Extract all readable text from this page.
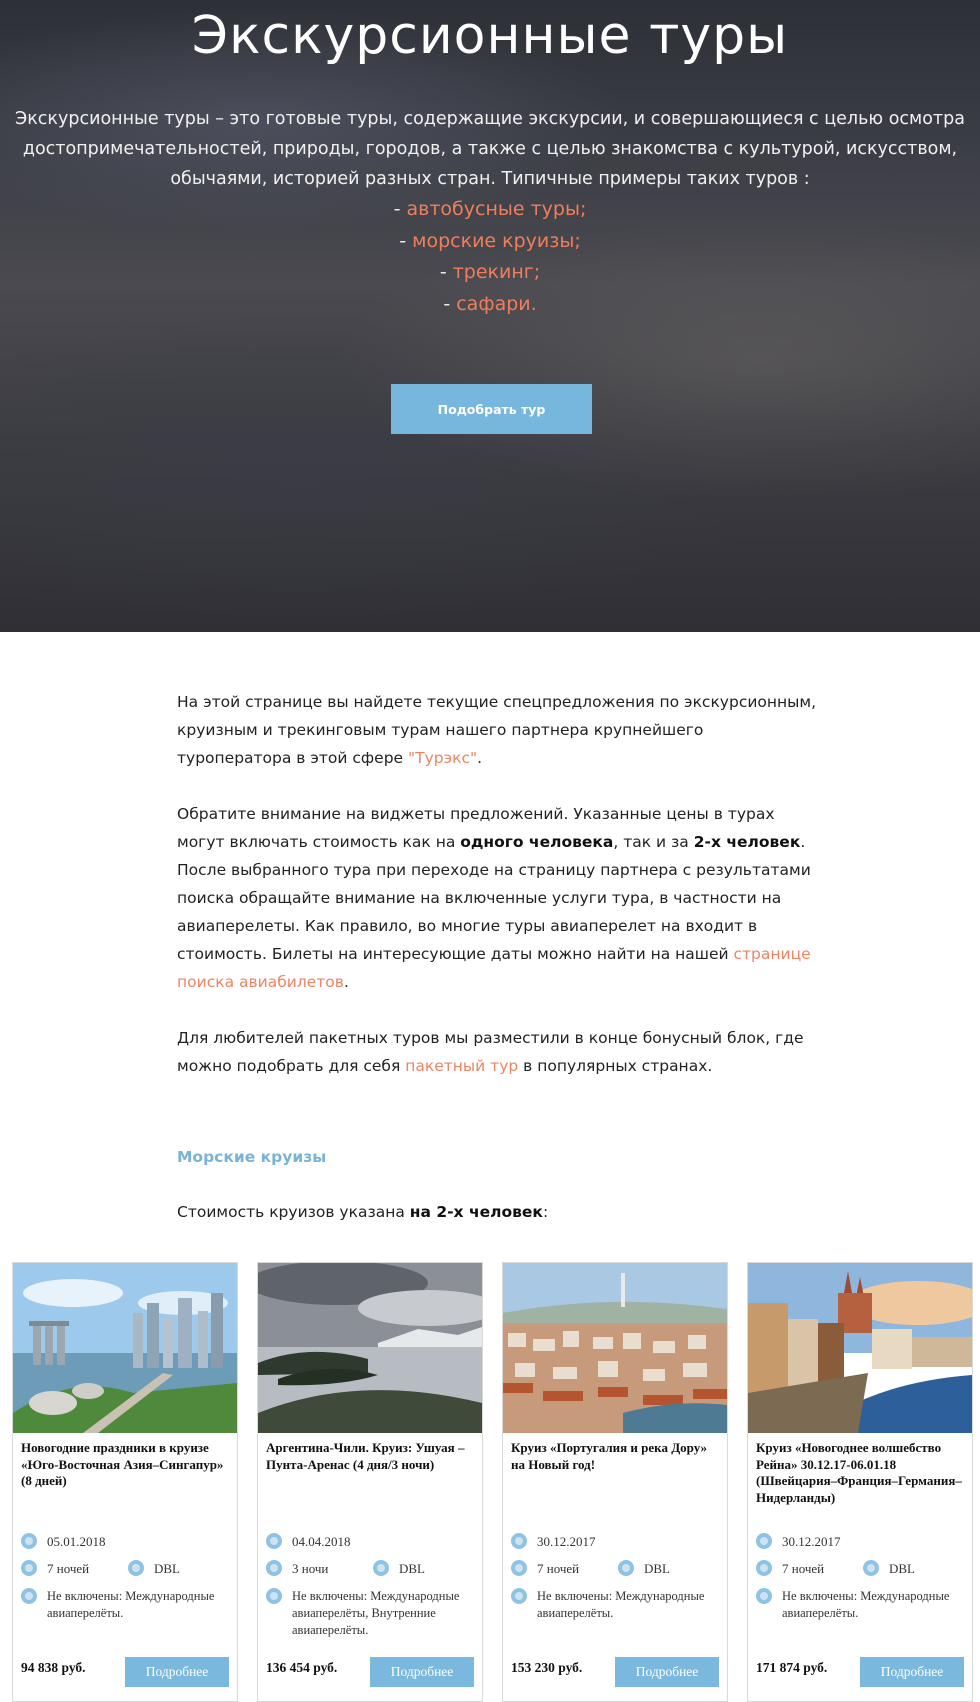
Экскурсионные туры
Экскурсионные туры – это готовые туры, содержащие экскурсии, и совершающиеся с целью осмотра достопримечательностей, природы, городов, а также с целью знакомства с культурой, искусством, обычаями, историей разных стран. Типичные примеры таких туров :
- автобусные туры;
- морские круизы;
- трекинг;
- сафари.
Подобрать тур

На этой странице вы найдете текущие спецпредложения по экскурсионным, круизным и трекинговым турам нашего партнера крупнейшего туроператора в этой сфере "Турэкс".

Обратите внимание на виджеты предложений. Указанные цены в турах могут включать стоимость как на одного человека, так и за 2-х человек. После выбранного тура при переходе на страницу партнера с результатами поиска обращайте внимание на включенные услуги тура, в частности на авиаперелеты. Как правило, во многие туры авиаперелет на входит в стоимость. Билеты на интересующие даты можно найти на нашей странице поиска авиабилетов.

Для любителей пакетных туров мы разместили в конце бонусный блок, где можно подобрать для себя пакетный тур в популярных странах.

Морские круизы
Стоимость круизов указана на 2-х человек:
Новогодние праздники в круизе «Юго-Восточная Азия–Сингапур» (8 дней)
05.01.2018
7 ночей	DBL
Не включены: Международные авиаперелёты.
94 838 руб.	Подробнее
Аргентина-Чили. Круиз: Ушуая – Пунта-Аренас (4 дня/3 ночи)
04.04.2018
3 ночи	DBL
Не включены: Международные авиаперелёты, Внутренние авиаперелёты.
136 454 руб.	Подробнее
Круиз «Португалия и река Дору» на Новый год!
30.12.2017
7 ночей	DBL
Не включены: Международные авиаперелёты.
153 230 руб.	Подробнее
Круиз «Новогоднее волшебство Рейна» 30.12.17-06.01.18 (Швейцария–Франция–Германия–Нидерланды)
30.12.2017
7 ночей	DBL
Не включены: Международные авиаперелёты.
171 874 руб.	Подробнее
